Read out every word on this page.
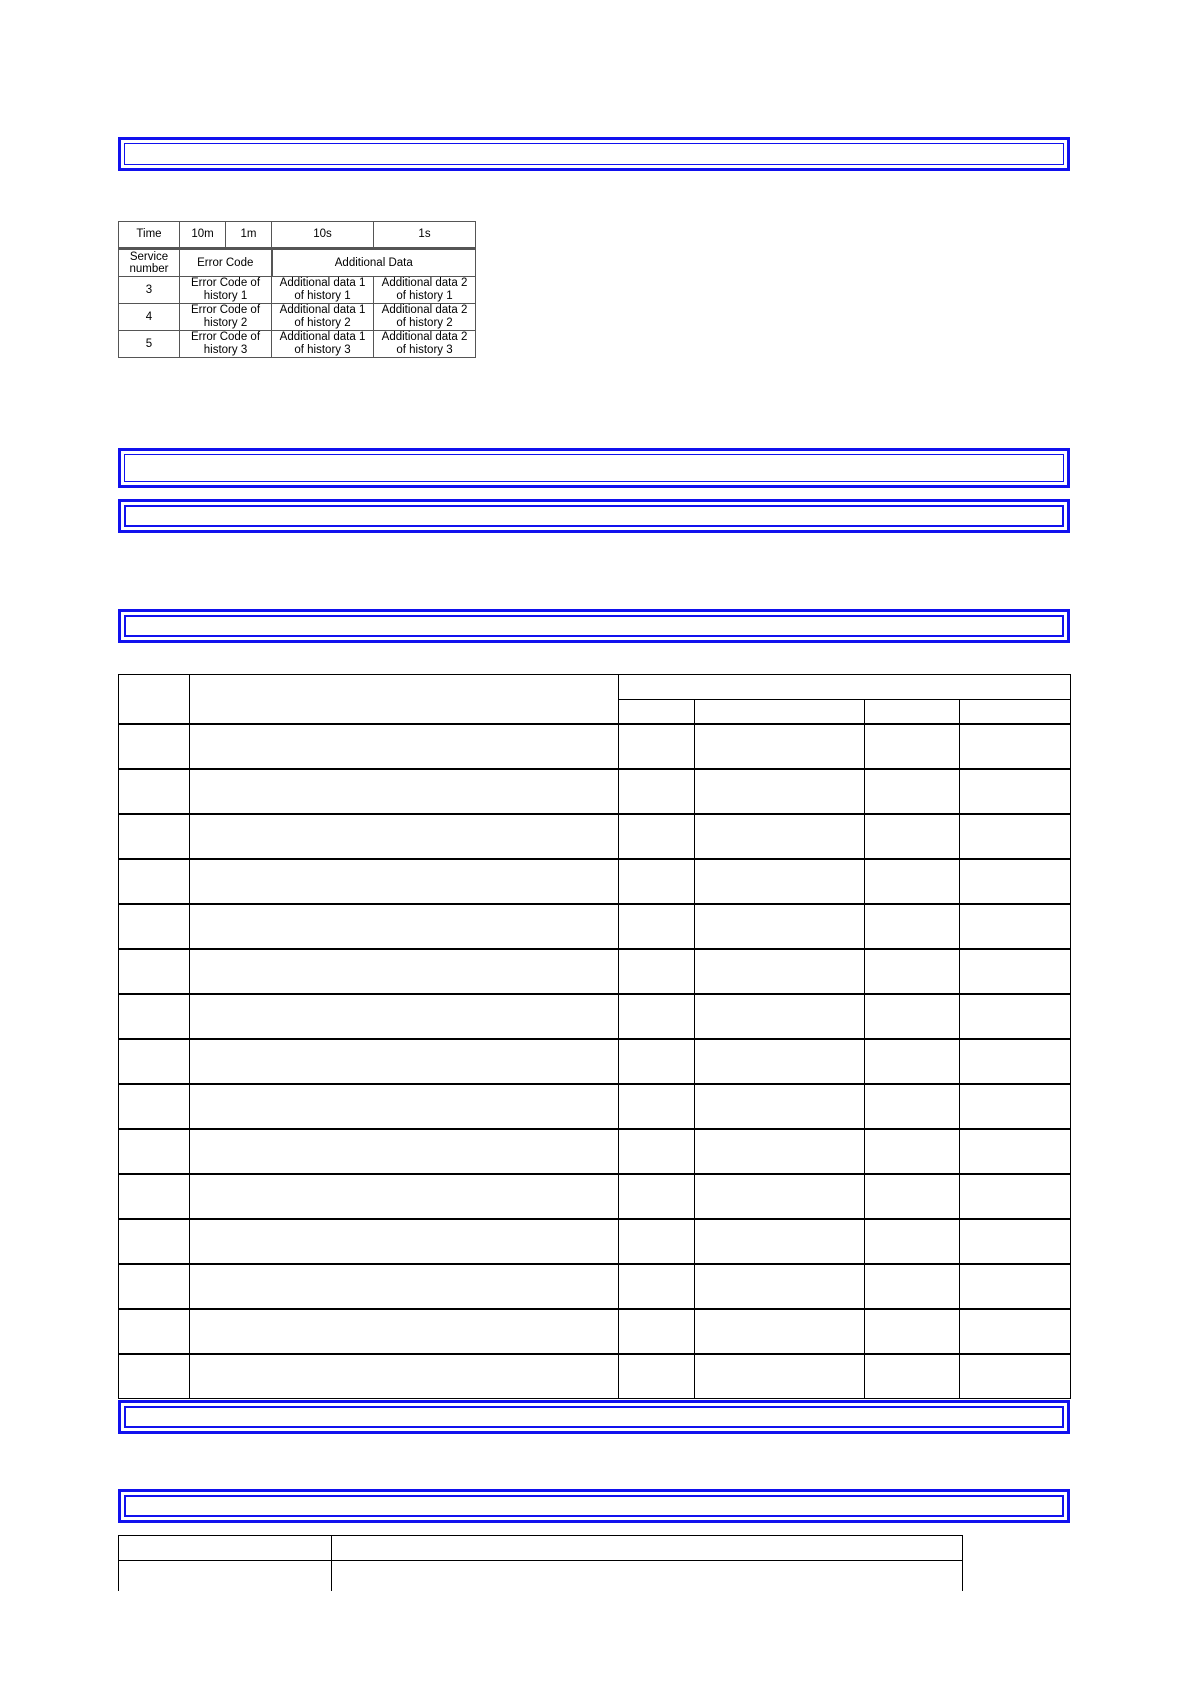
Time	10m	1m	10s	1s
Service
number	Error Code		Additional Data	
3	Error Code of history 1		Additional data 1 of history 1	Additional data 2 of history 1
4	Error Code of history 2		Additional data 1 of history 2	Additional data 2 of history 2
5	Error Code of history 3		Additional data 1 of history 3	Additional data 2 of history 3
